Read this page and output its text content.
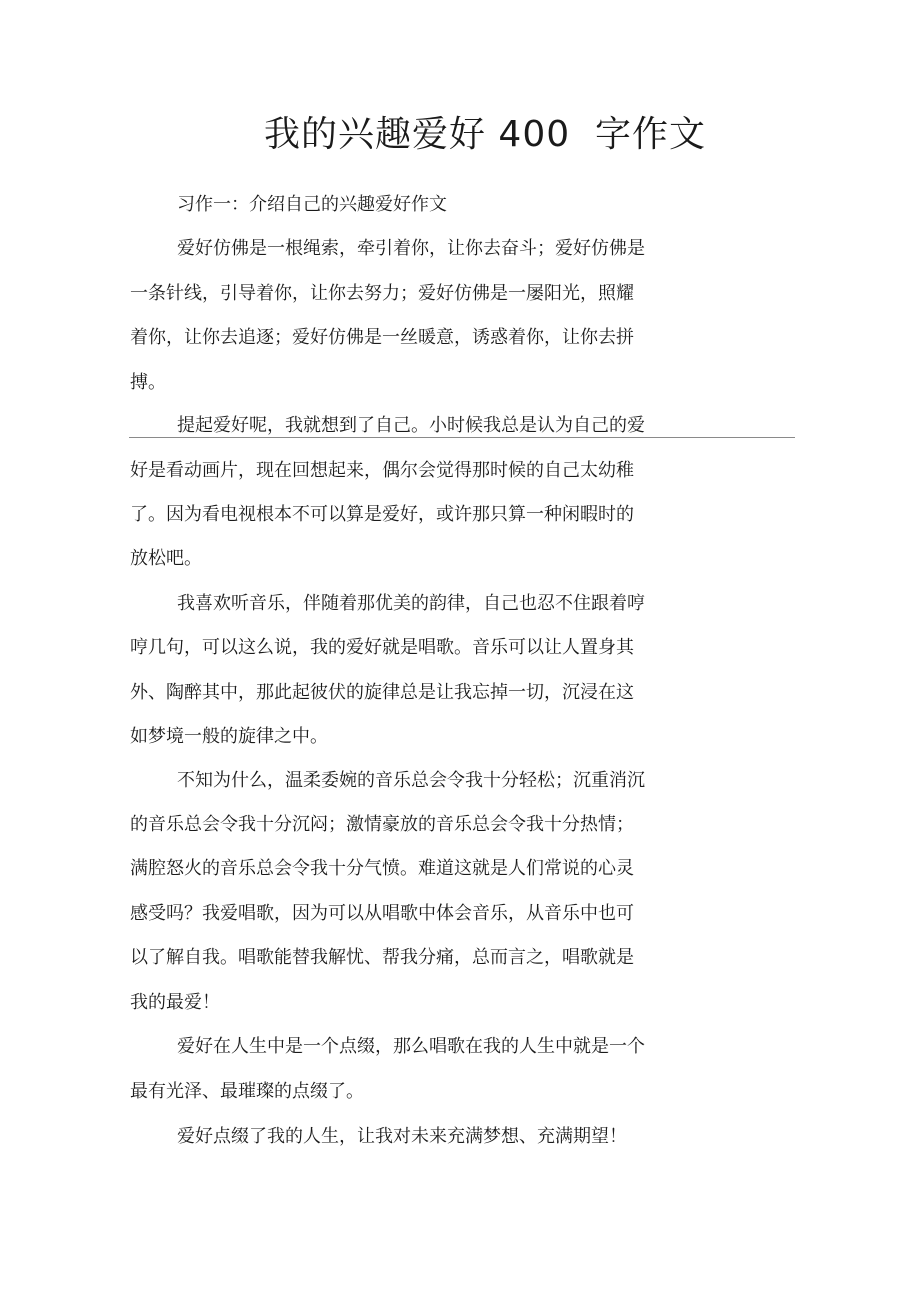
我的兴趣爱好 400  字作文
习作一：介绍自己的兴趣爱好作文
爱好仿佛是一根绳索，牵引着你，让你去奋斗；爱好仿佛是
一条针线，引导着你，让你去努力；爱好仿佛是一屡阳光，照耀
着你，让你去追逐；爱好仿佛是一丝暖意，诱惑着你，让你去拼
搏。
提起爱好呢，我就想到了自己。小时候我总是认为自己的爱
好是看动画片，现在回想起来，偶尔会觉得那时候的自己太幼稚
了。因为看电视根本不可以算是爱好，或许那只算一种闲暇时的
放松吧。
我喜欢听音乐，伴随着那优美的韵律，自己也忍不住跟着哼
哼几句，可以这么说，我的爱好就是唱歌。音乐可以让人置身其
外、陶醉其中，那此起彼伏的旋律总是让我忘掉一切，沉浸在这
如梦境一般的旋律之中。
不知为什么，温柔委婉的音乐总会令我十分轻松；沉重消沉
的音乐总会令我十分沉闷；激情豪放的音乐总会令我十分热情；
满腔怒火的音乐总会令我十分气愤。难道这就是人们常说的心灵
感受吗？我爱唱歌，因为可以从唱歌中体会音乐，从音乐中也可
以了解自我。唱歌能替我解忧、帮我分痛，总而言之，唱歌就是
我的最爱！
爱好在人生中是一个点缀，那么唱歌在我的人生中就是一个
最有光泽、最璀璨的点缀了。
爱好点缀了我的人生，让我对未来充满梦想、充满期望！
